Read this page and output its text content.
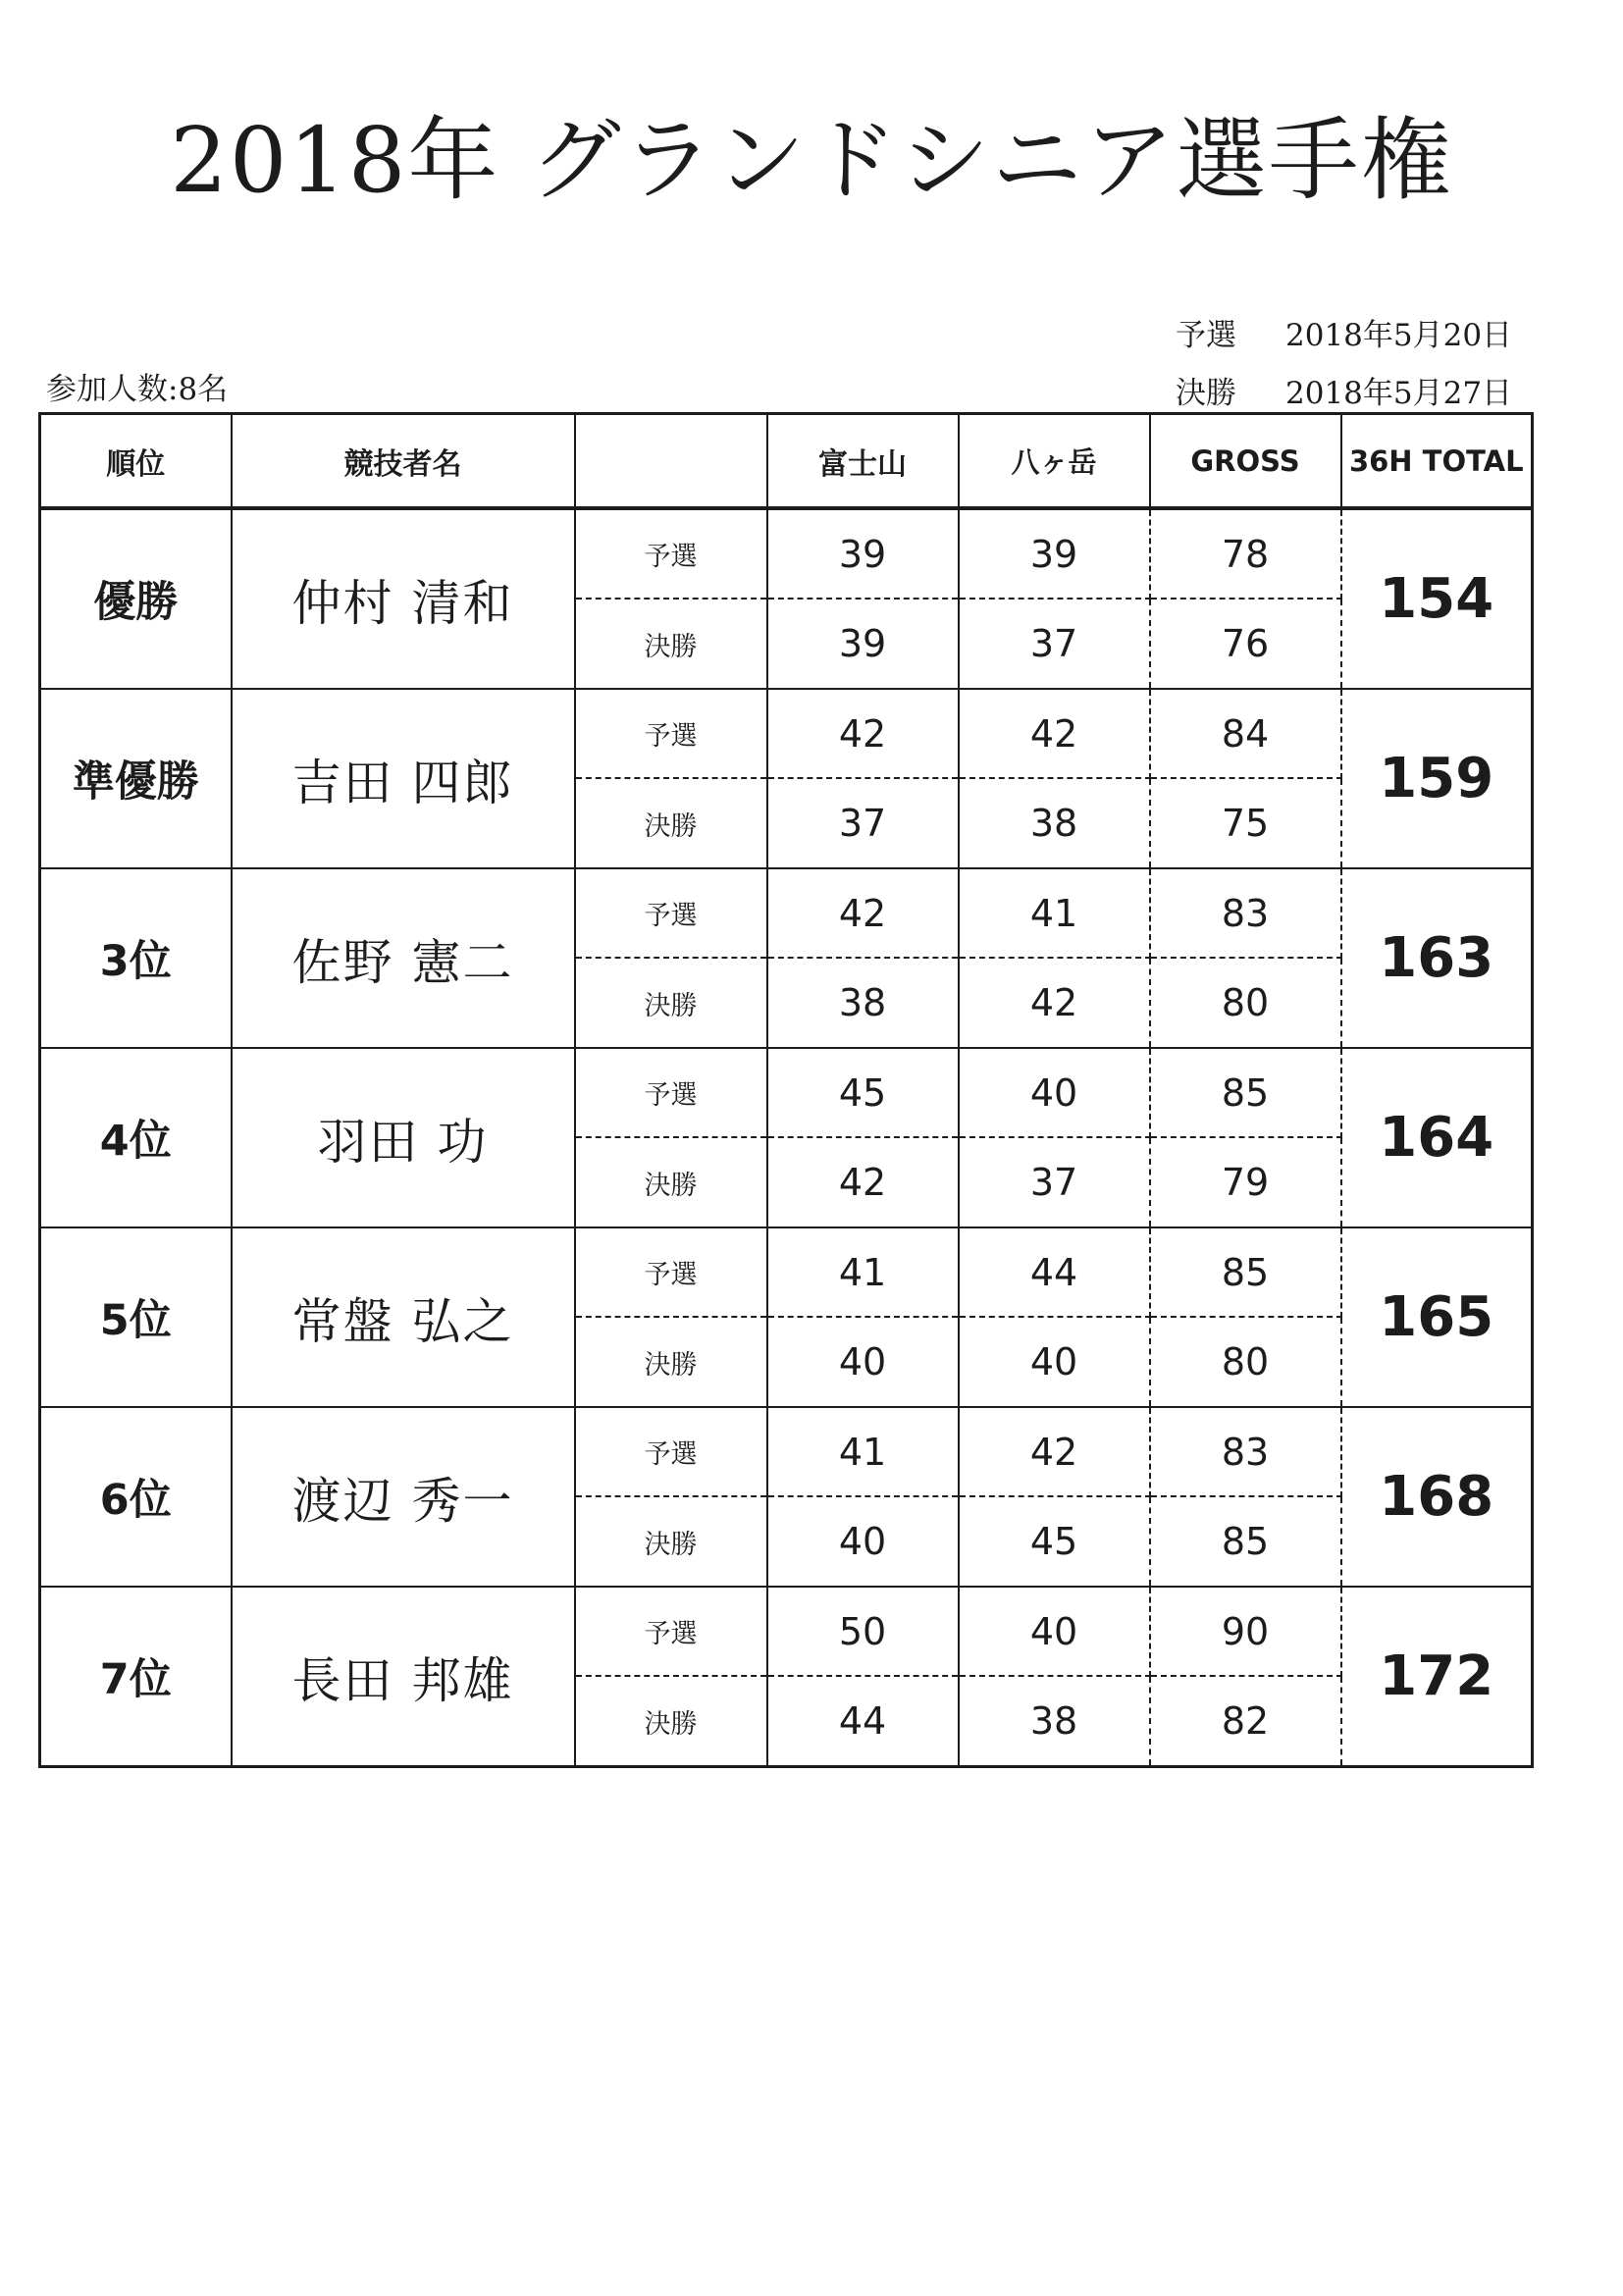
2018年 グランドシニア選手権
予選 2018年5月20日
決勝 2018年5月27日
参加人数:8名
順位	競技者名		富士山	八ヶ岳	GROSS	36H TOTAL
優勝	仲村 清和	予選	39	39	78	154
		決勝	39	37	76	
準優勝	吉田 四郎	予選	42	42	84	159
		決勝	37	38	75	
3位	佐野 憲二	予選	42	41	83	163
		決勝	38	42	80	
4位	羽田 功	予選	45	40	85	164
		決勝	42	37	79	
5位	常盤 弘之	予選	41	44	85	165
		決勝	40	40	80	
6位	渡辺 秀一	予選	41	42	83	168
		決勝	40	45	85	
7位	長田 邦雄	予選	50	40	90	172
		決勝	44	38	82	
